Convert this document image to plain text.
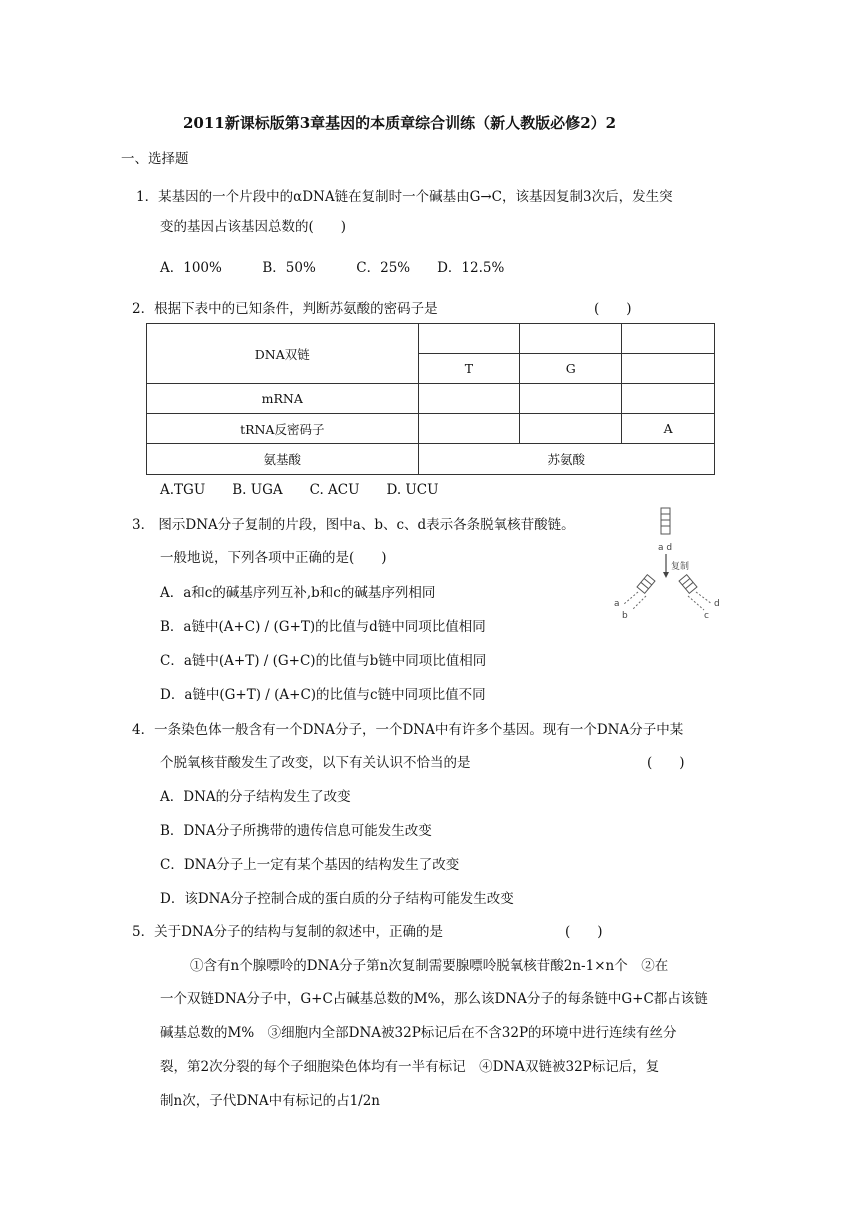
2011新课标版第3章基因的本质章综合训练（新人教版必修2）2
一、选择题
1．某基因的一个片段中的αDNA链在复制时一个碱基由G→C，该基因复制3次后，发生突
变的基因占该基因总数的(　　)
A．100%　　　B．50%　　　C．25%　　D．12.5%
2．根据下表中的已知条件，判断苏氨酸的密码子是	(　　)
DNA双链			
	T	G	
mRNA			
tRNA反密码子			A
氨基酸	苏氨酸		
A.TGU　　B. UGA　　C. ACU　　D. UCU
3． 图示DNA分子复制的片段，图中a、b、c、d表示各条脱氧核苷酸链。
一般地说，下列各项中正确的是(　　)
A．a和c的碱基序列互补,b和c的碱基序列相同
B．a链中(A+C) / (G+T)的比值与d链中同项比值相同
C．a链中(A+T) / (G+C)的比值与b链中同项比值相同
D．a链中(G+T) / (A+C)的比值与c链中同项比值不同
a d
复制
a
b	c
d
4．一条染色体一般含有一个DNA分子，一个DNA中有许多个基因。现有一个DNA分子中某
个脱氧核苷酸发生了改变，以下有关认识不恰当的是	(　　)
A．DNA的分子结构发生了改变
B．DNA分子所携带的遗传信息可能发生改变
C．DNA分子上一定有某个基因的结构发生了改变
D．该DNA分子控制合成的蛋白质的分子结构可能发生改变
5．关于DNA分子的结构与复制的叙述中，正确的是	(　　)
①含有n个腺嘌呤的DNA分子第n次复制需要腺嘌呤脱氧核苷酸2n-1×n个　②在
一个双链DNA分子中，G+C占碱基总数的M%，那么该DNA分子的每条链中G+C都占该链
碱基总数的M%　③细胞内全部DNA被32P标记后在不含32P的环境中进行连续有丝分
裂，第2次分裂的每个子细胞染色体均有一半有标记　④DNA双链被32P标记后，复
制n次，子代DNA中有标记的占1/2n
